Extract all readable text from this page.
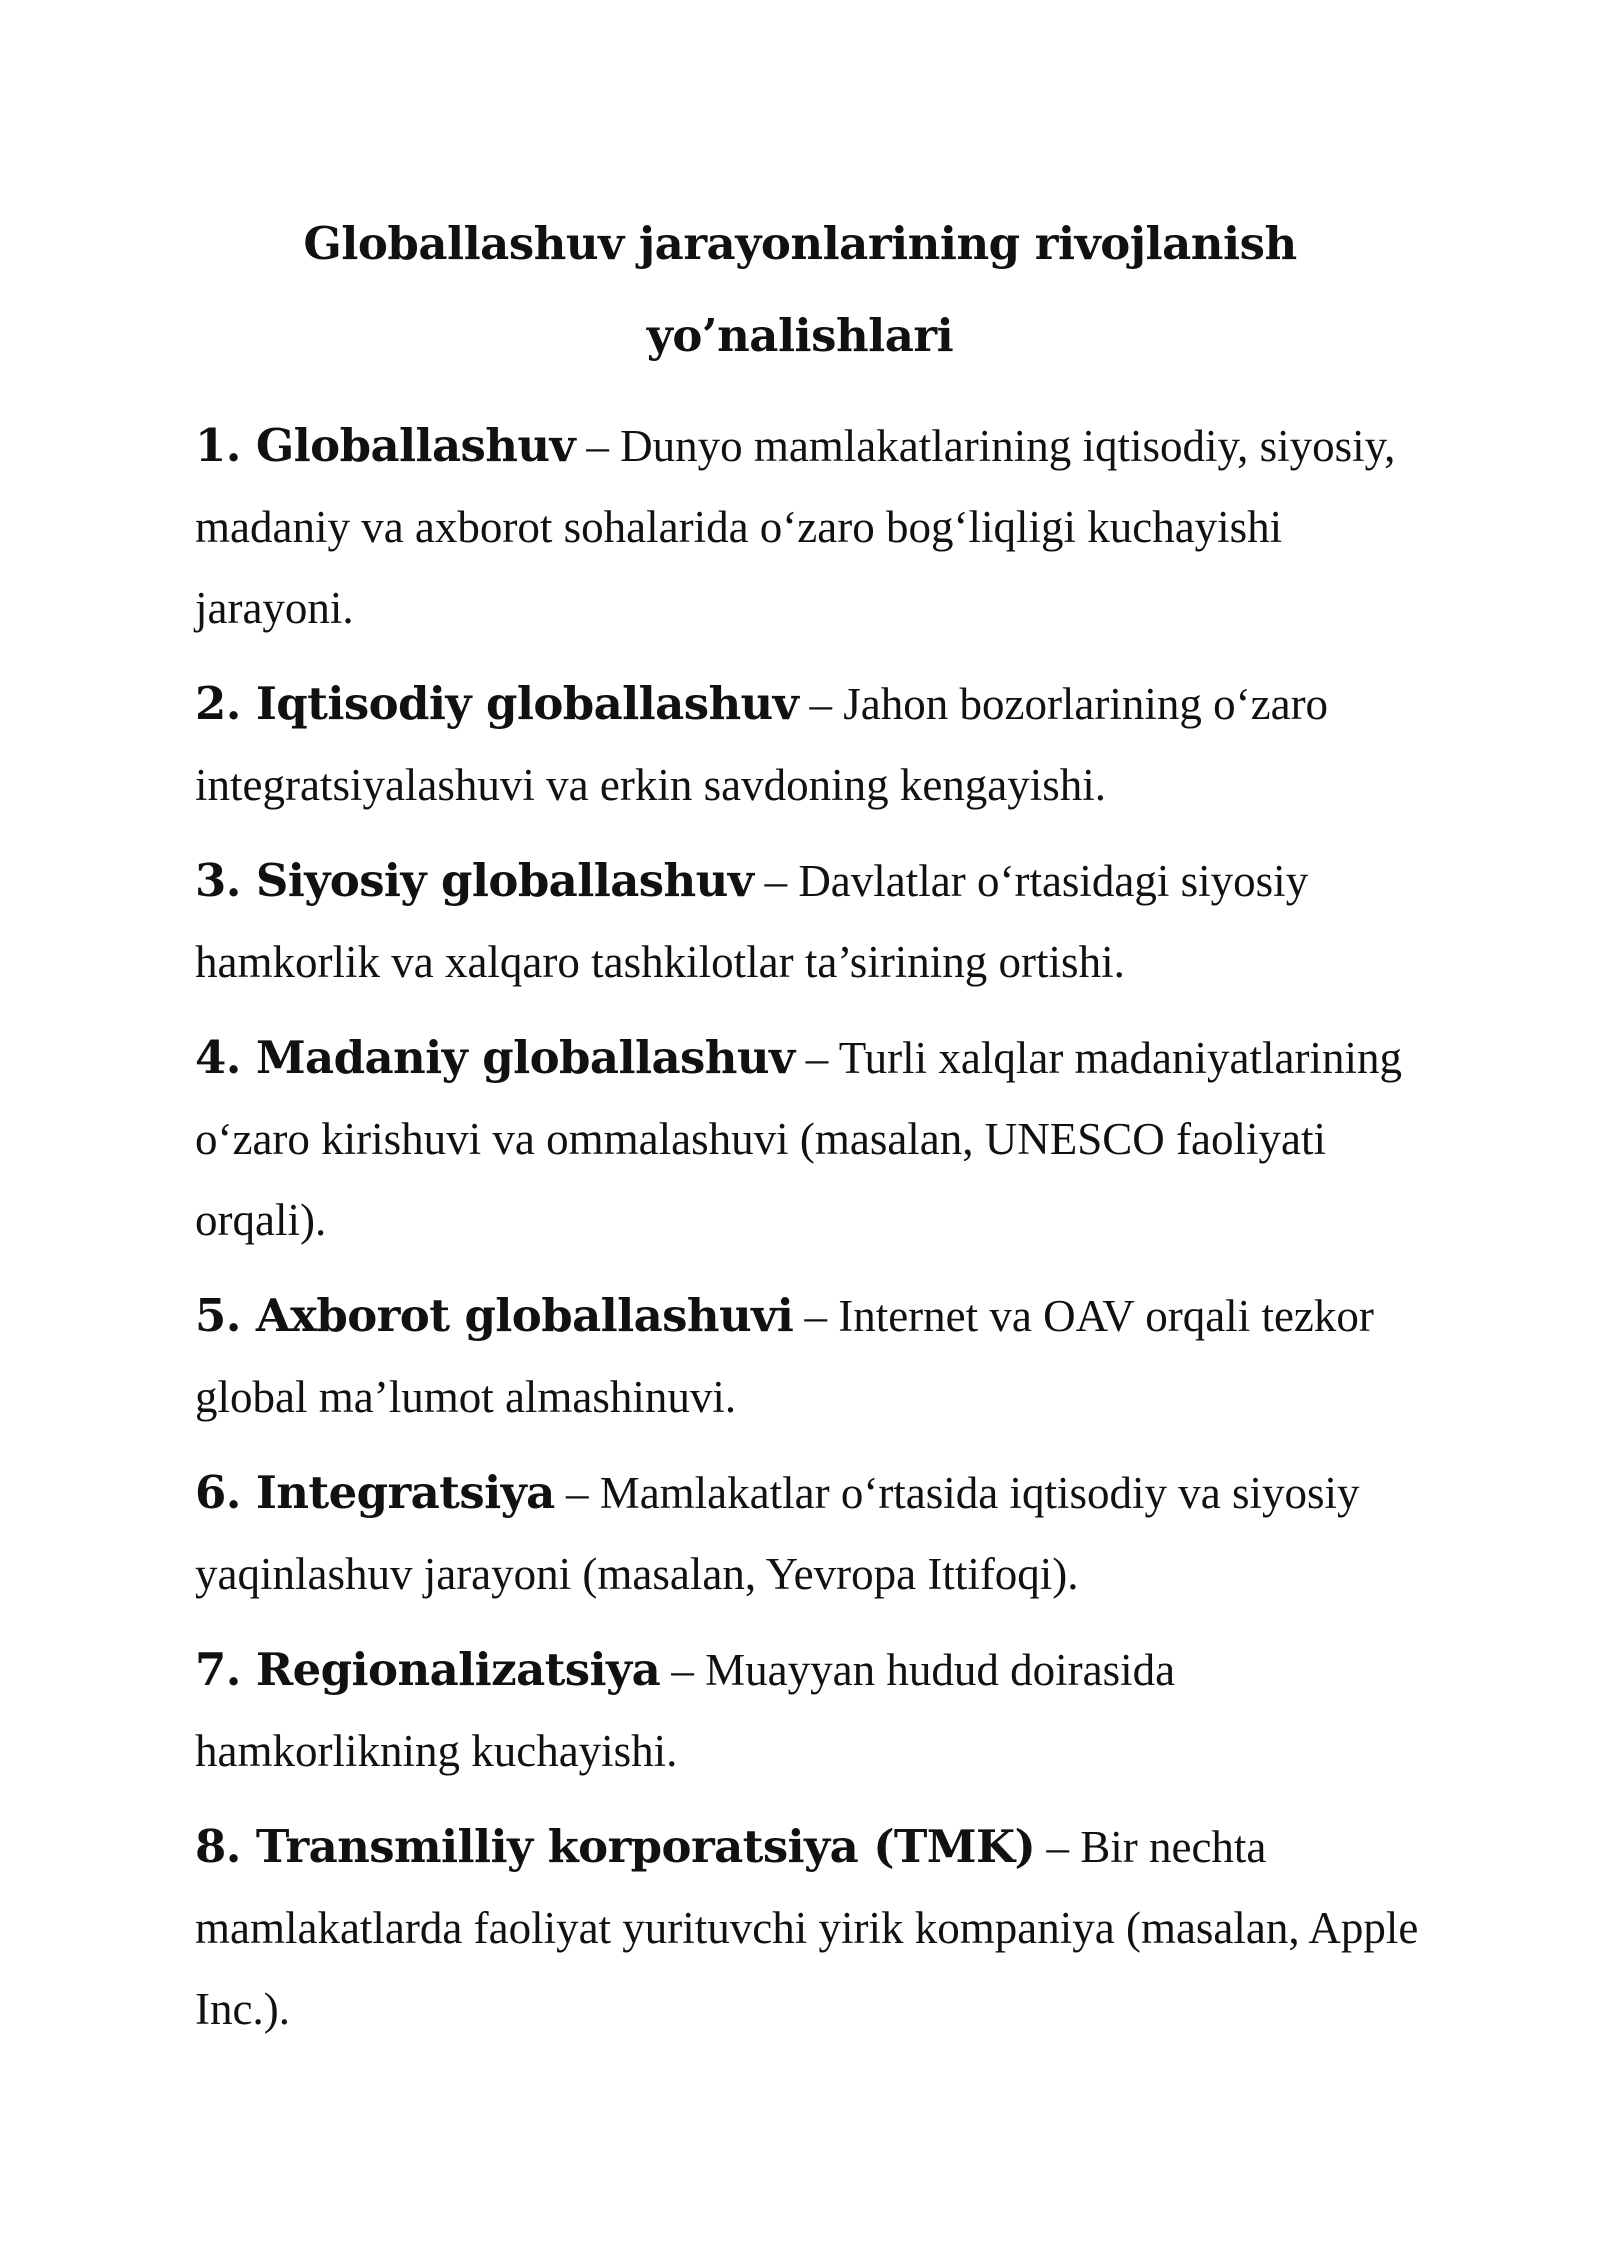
Globallashuv jarayonlarining rivojlanish
yo’nalishlari

1. Globallashuv – Dunyo mamlakatlarining iqtisodiy, siyosiy, madaniy va axborot sohalarida o‘zaro bog‘liqligi kuchayishi jarayoni.

2. Iqtisodiy globallashuv – Jahon bozorlarining o‘zaro integratsiyalashuvi va erkin savdoning kengayishi.

3. Siyosiy globallashuv – Davlatlar o‘rtasidagi siyosiy hamkorlik va xalqaro tashkilotlar ta’sirining ortishi.

4. Madaniy globallashuv – Turli xalqlar madaniyatlarining o‘zaro kirishuvi va ommalashuvi (masalan, UNESCO faoliyati orqali).

5. Axborot globallashuvi – Internet va OAV orqali tezkor global ma’lumot almashinuvi.

6. Integratsiya – Mamlakatlar o‘rtasida iqtisodiy va siyosiy yaqinlashuv jarayoni (masalan, Yevropa Ittifoqi).

7. Regionalizatsiya – Muayyan hudud doirasida hamkorlikning kuchayishi.

8. Transmilliy korporatsiya (TMK) – Bir nechta mamlakatlarda faoliyat yurituvchi yirik kompaniya (masalan, Apple Inc.).
